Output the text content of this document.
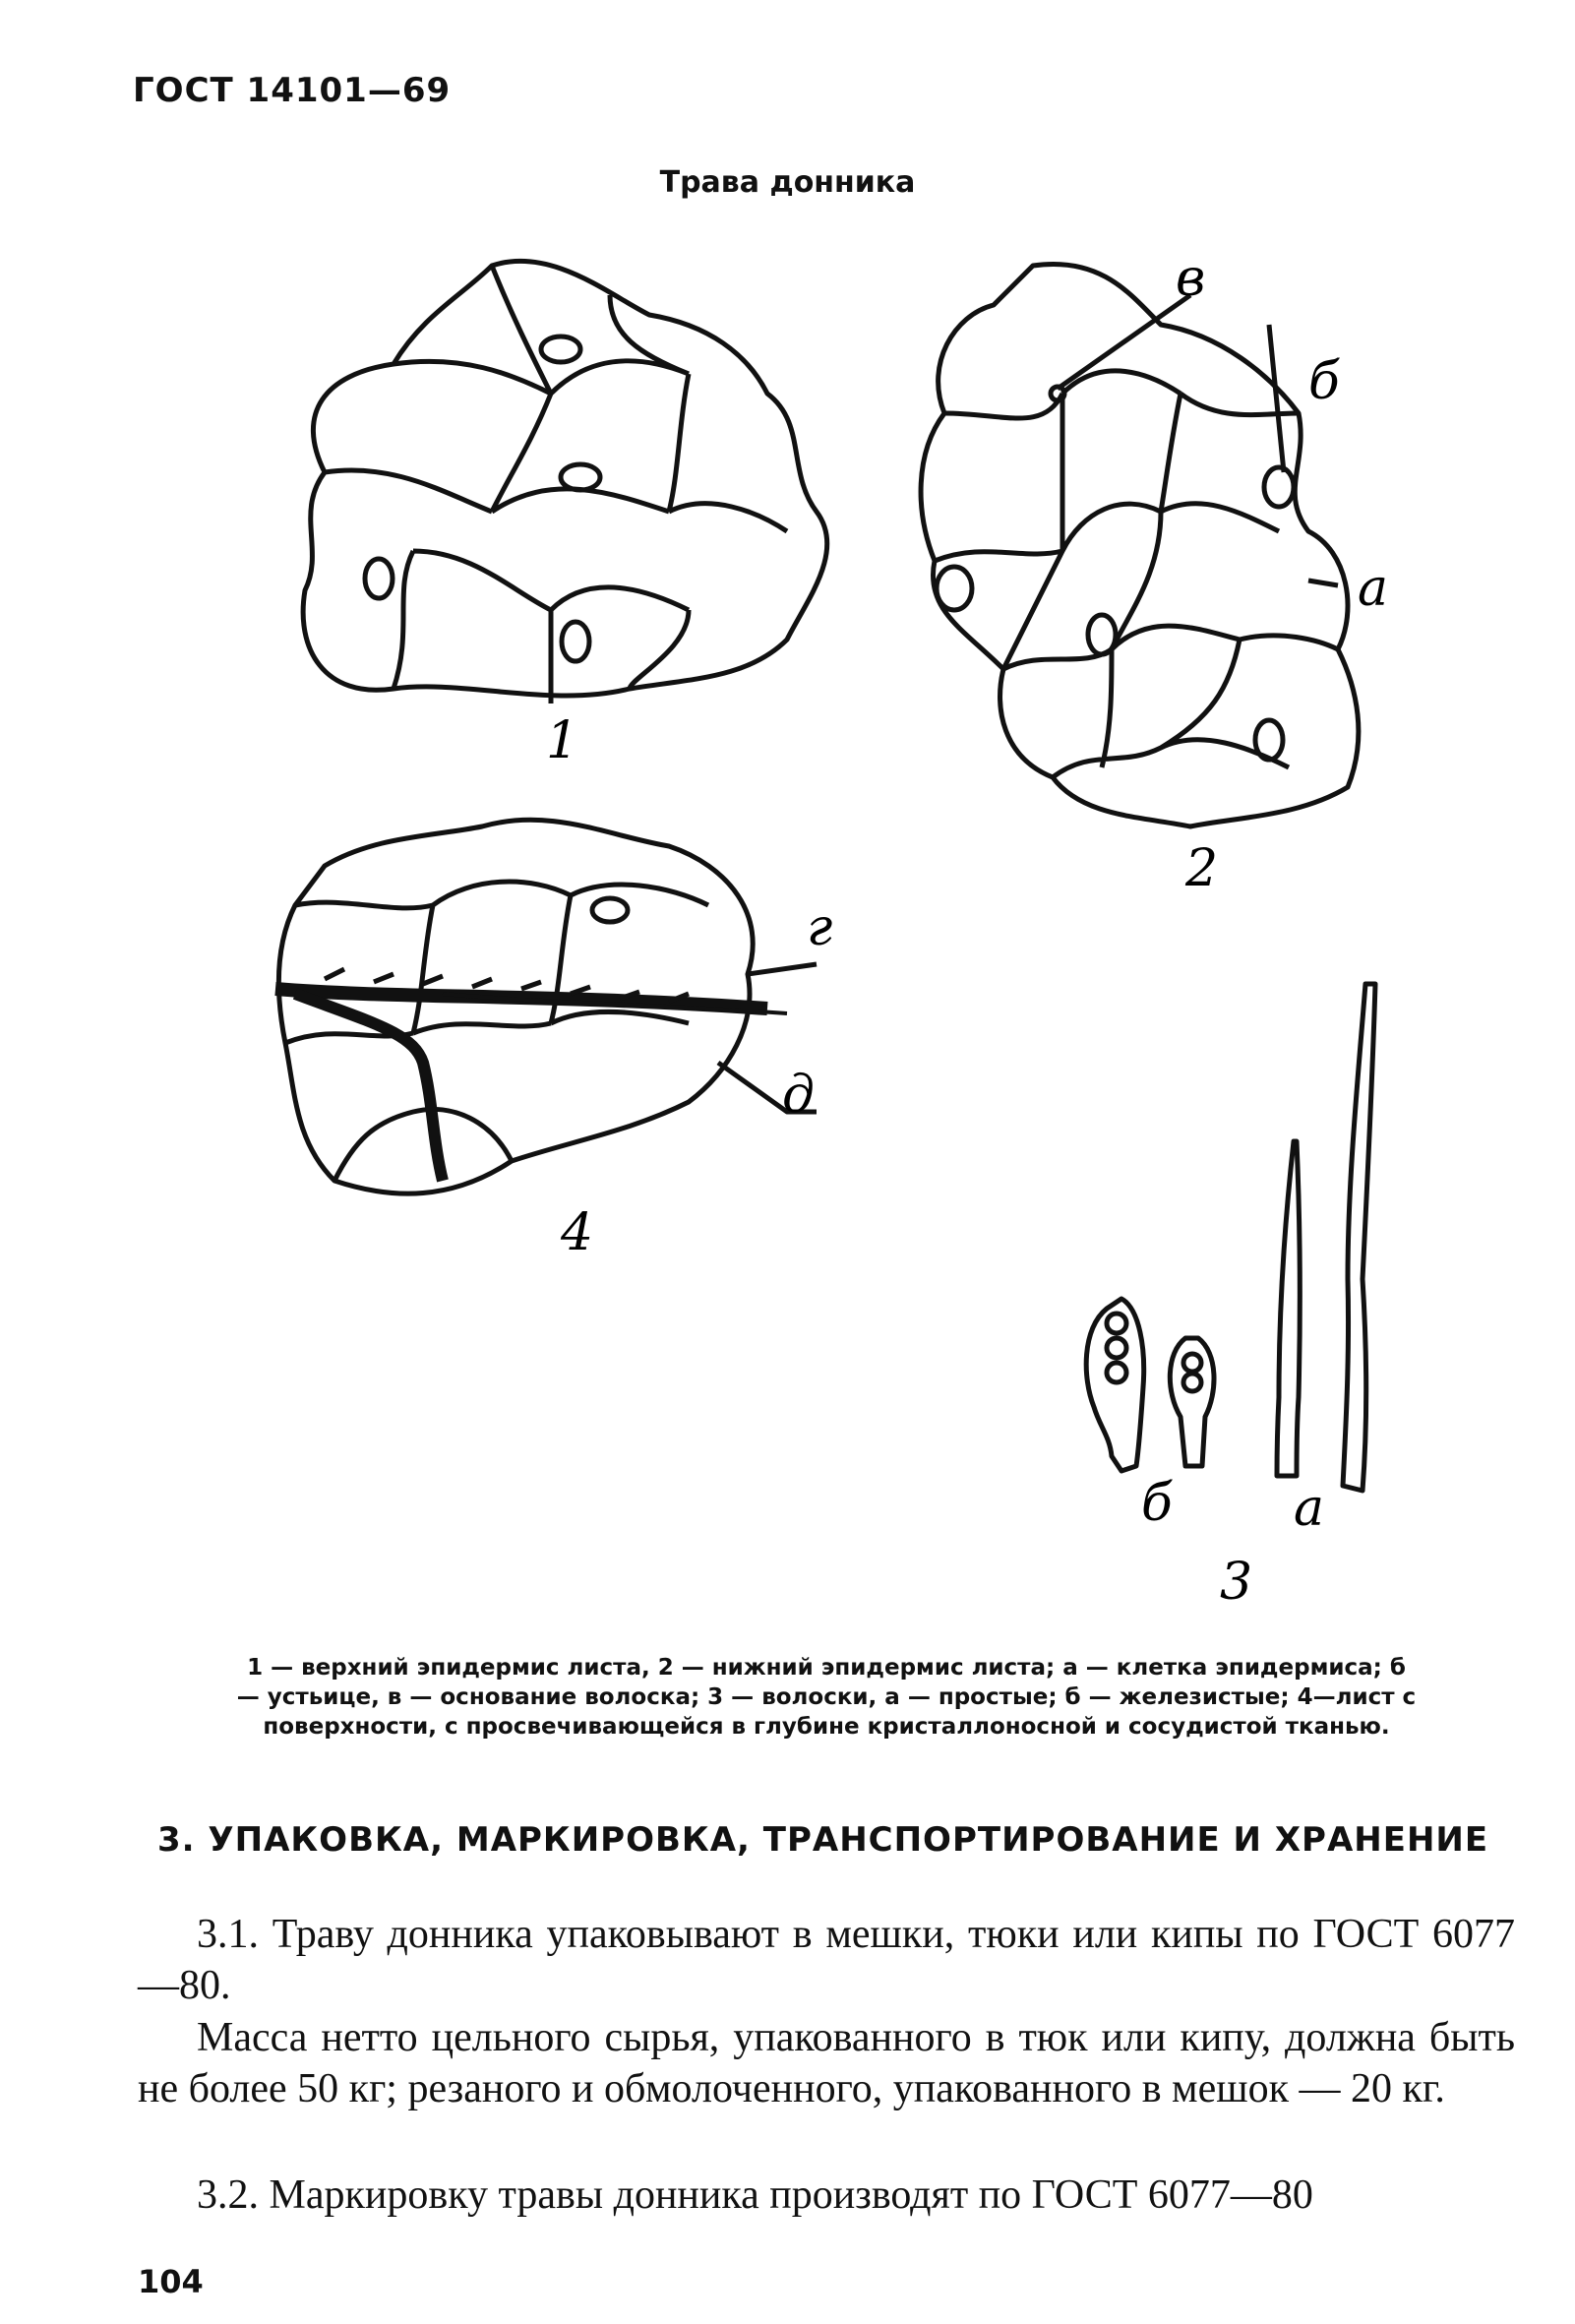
ГОСТ 14101—69
Трава донника
1
2
4
3
в
б
а
г
д
б а
1 — верхний эпидермис листа, 2 — нижний эпидермис листа; а — клетка эпидермиса; б — устьице, в — основание волоска; 3 — волоски, а — простые; б — железистые; 4—лист с поверхности, с просвечивающейся в глубине кристаллоносной и сосудистой тканью.
3. УПАКОВКА, МАРКИРОВКА, ТРАНСПОРТИРОВАНИЕ И ХРАНЕНИЕ
3.1. Траву донника упаковывают в мешки, тюки или кипы по ГОСТ 6077—80.
Масса нетто цельного сырья, упакованного в тюк или кипу, должна быть не более 50 кг; резаного и обмолоченного, упакованного в мешок — 20 кг.
3.2. Маркировку травы донника производят по ГОСТ 6077—80
104
